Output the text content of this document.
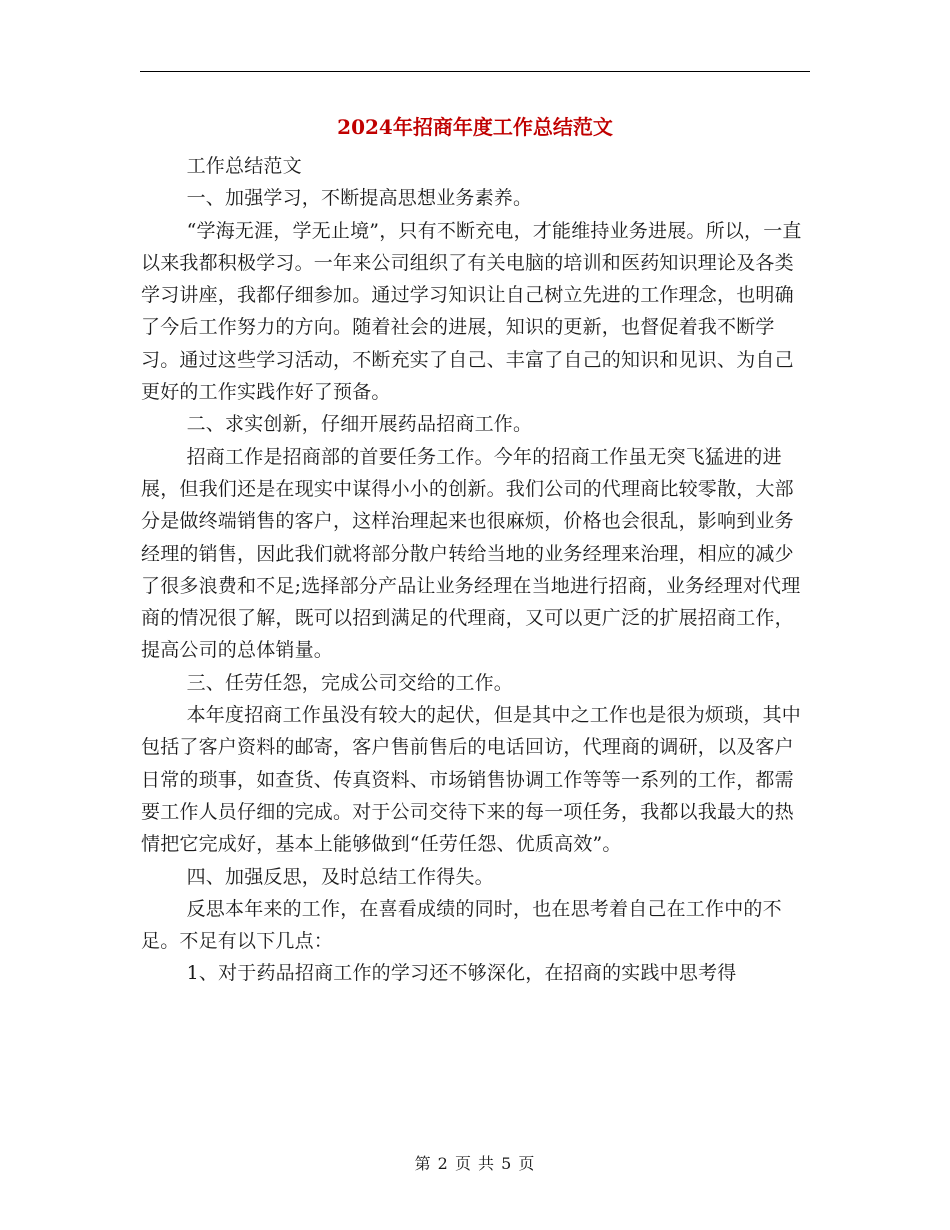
2024年招商年度工作总结范文

工作总结范文

一、加强学习，不断提高思想业务素养。

“学海无涯，学无止境”，只有不断充电，才能维持业务进展。所以，一直以来我都积极学习。一年来公司组织了有关电脑的培训和医药知识理论及各类学习讲座，我都仔细参加。通过学习知识让自己树立先进的工作理念，也明确了今后工作努力的方向。随着社会的进展，知识的更新，也督促着我不断学习。通过这些学习活动，不断充实了自己、丰富了自己的知识和见识、为自己更好的工作实践作好了预备。

二、求实创新，仔细开展药品招商工作。

招商工作是招商部的首要任务工作。今年的招商工作虽无突飞猛进的进展，但我们还是在现实中谋得小小的创新。我们公司的代理商比较零散，大部分是做终端销售的客户，这样治理起来也很麻烦，价格也会很乱，影响到业务经理的销售，因此我们就将部分散户转给当地的业务经理来治理，相应的减少了很多浪费和不足;选择部分产品让业务经理在当地进行招商，业务经理对代理商的情况很了解，既可以招到满足的代理商，又可以更广泛的扩展招商工作，提高公司的总体销量。

三、任劳任怨，完成公司交给的工作。

本年度招商工作虽没有较大的起伏，但是其中之工作也是很为烦琐，其中包括了客户资料的邮寄，客户售前售后的电话回访，代理商的调研，以及客户日常的琐事，如查货、传真资料、市场销售协调工作等等一系列的工作，都需要工作人员仔细的完成。对于公司交待下来的每一项任务，我都以我最大的热情把它完成好，基本上能够做到“任劳任怨、优质高效”。

四、加强反思，及时总结工作得失。

反思本年来的工作，在喜看成绩的同时，也在思考着自己在工作中的不足。不足有以下几点：

1、对于药品招商工作的学习还不够深化，在招商的实践中思考得

第 2 页 共 5 页
